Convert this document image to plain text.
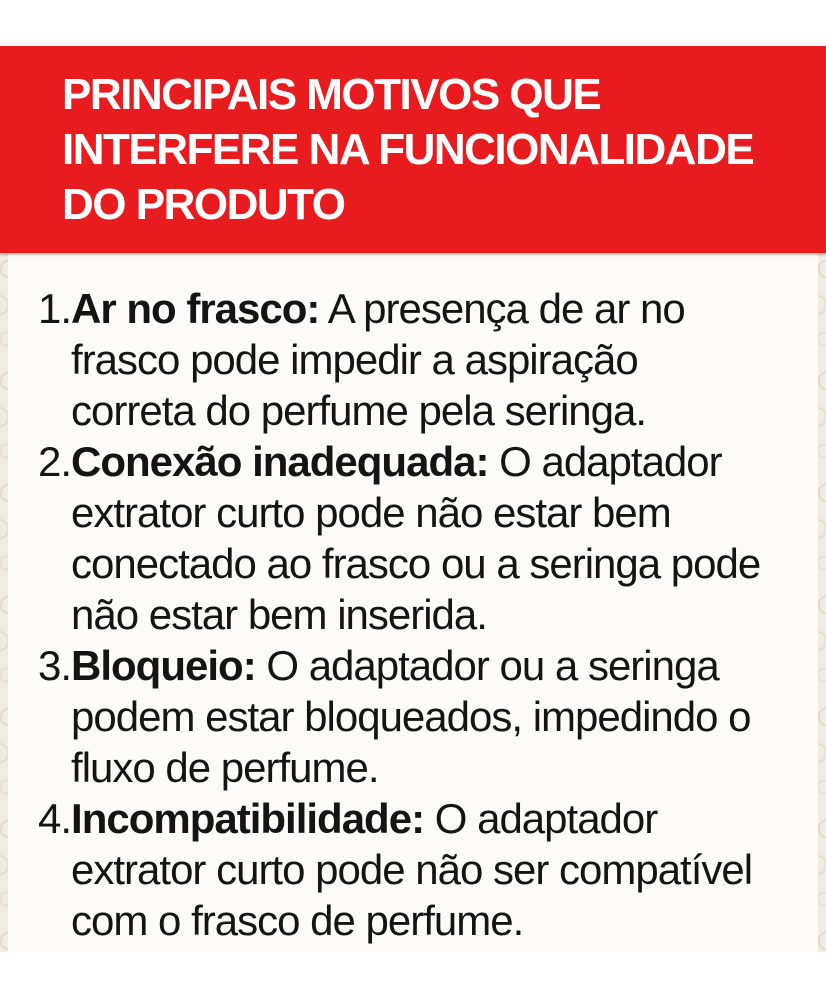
PRINCIPAIS MOTIVOS QUE
INTERFERE NA FUNCIONALIDADE
DO PRODUTO
1. Ar no frasco: A presença de ar no
frasco pode impedir a aspiração
correta do perfume pela seringa.
2. Conexão inadequada: O adaptador
extrator curto pode não estar bem
conectado ao frasco ou a seringa pode
não estar bem inserida.
3. Bloqueio: O adaptador ou a seringa
podem estar bloqueados, impedindo o
fluxo de perfume.
4. Incompatibilidade: O adaptador
extrator curto pode não ser compatível
com o frasco de perfume.
